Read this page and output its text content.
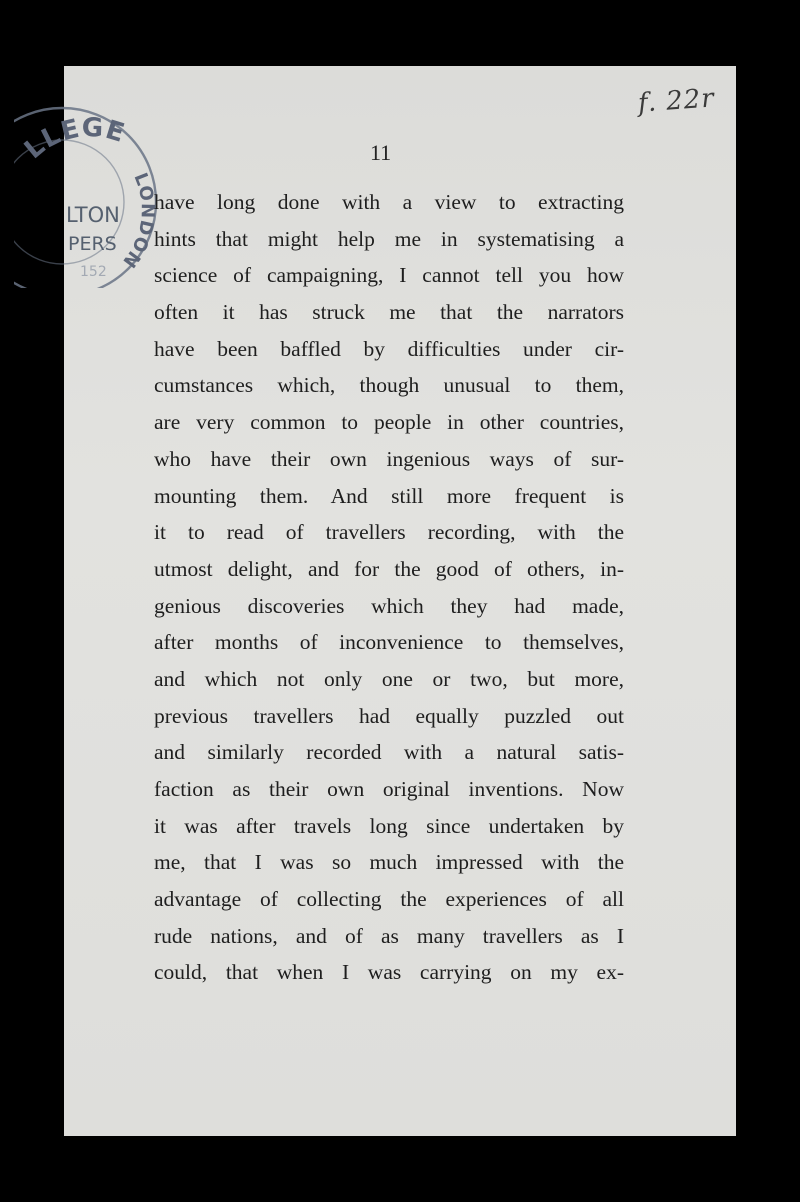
f. 22r
LLEGE
LONDON
LTON
PERS
152
11
have long done with a view to extracting
hints that might help me in systematising a
science of campaigning, I cannot tell you how
often it has struck me that the narrators
have been baffled by difficulties under cir-
cumstances which, though unusual to them,
are very common to people in other countries,
who have their own ingenious ways of sur-
mounting them. And still more frequent is
it to read of travellers recording, with the
utmost delight, and for the good of others, in-
genious discoveries which they had made,
after months of inconvenience to themselves,
and which not only one or two, but more,
previous travellers had equally puzzled out
and similarly recorded with a natural satis-
faction as their own original inventions. Now
it was after travels long since undertaken by
me, that I was so much impressed with the
advantage of collecting the experiences of all
rude nations, and of as many travellers as I
could, that when I was carrying on my ex-
